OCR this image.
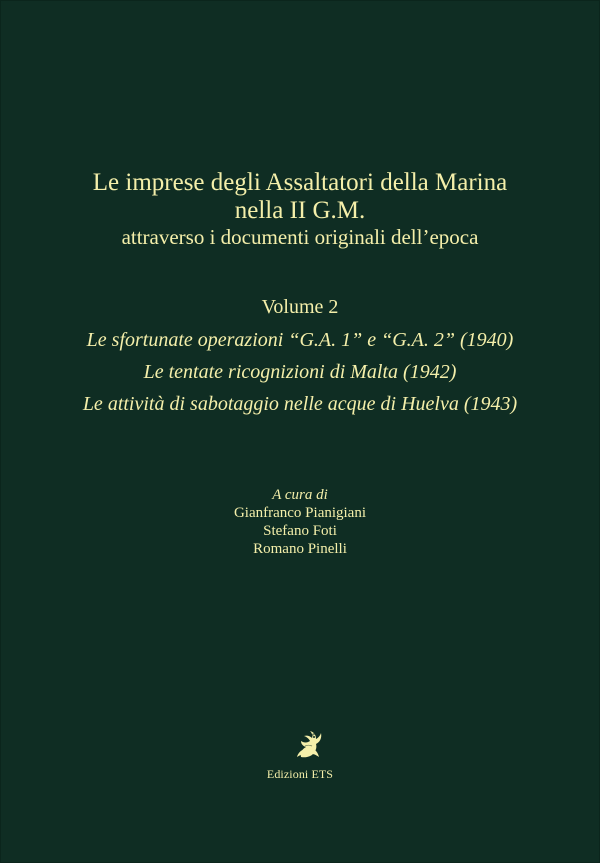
Le imprese degli Assaltatori della Marina
nella II G.M.
attraverso i documenti originali dell’epoca
Volume 2
Le sfortunate operazioni “G.A. 1” e “G.A. 2” (1940)
Le tentate ricognizioni di Malta (1942)
Le attività di sabotaggio nelle acque di Huelva (1943)
A cura di
Gianfranco Pianigiani
Stefano Foti
Romano Pinelli
Edizioni ETS
